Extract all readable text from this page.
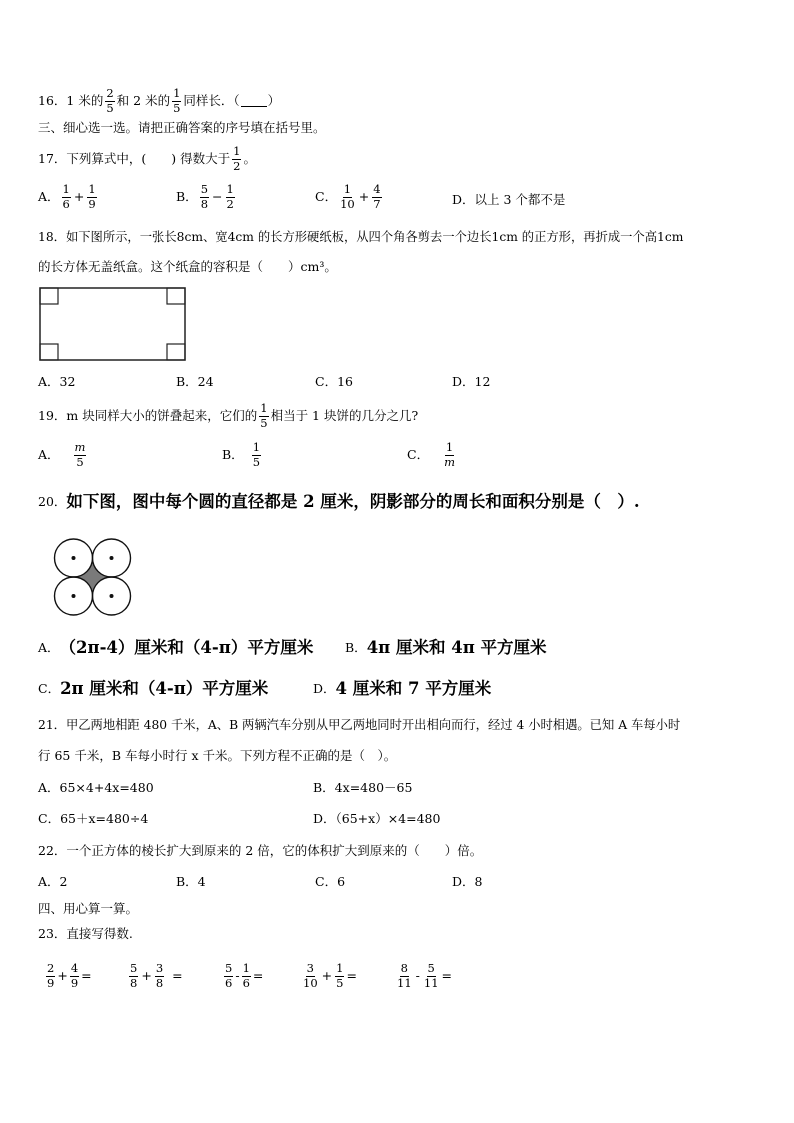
16． 1 米的 $\frac{2}{5}$ 和 2 米的 $\frac{1}{5}$ 同样长．（ ）
三、细心选一选。请把正确答案的序号填在括号里。
17．下列算式中，(　　) 得数大于 $\frac{1}{2}$ 。
A． $\frac{1}{6} + \frac{1}{9}$	B． $\frac{5}{8} - \frac{1}{2}$	C． $\frac{1}{10} + \frac{4}{7}$	D．以上 3 个都不是
18．如下图所示，一张长8cm、宽4cm 的长方形硬纸板，从四个角各剪去一个边长1cm 的正方形，再折成一个高1cm
的长方体无盖纸盒。这个纸盒的容积是（　　）cm³。
A．32	B．24	C．16	D．12
19．m 块同样大小的饼叠起来，它们的 $\frac{1}{5}$ 相当于 1 块饼的几分之几?
A． $\frac{m}{5}$	B． $\frac{1}{5}$	C． $\frac{1}{m}$
20． 如下图，图中每个圆的直径都是 2 厘米，阴影部分的周长和面积分别是（　）.
A． （2π-4）厘米和（4-π）平方厘米	B． 4π 厘米和 4π 平方厘米
C． 2π 厘米和（4-π）平方厘米	D． 4 厘米和 7 平方厘米
21．甲乙两地相距 480 千米，A、B 两辆汽车分别从甲乙两地同时开出相向而行，经过 4 小时相遇。已知 A 车每小时
行 65 千米，B 车每小时行 x 千米。下列方程不正确的是（　）。
A．65×4+4x=480	B．4x=480－65
C．65＋x=480÷4	D．（65+x）×4=480
22．一个正方体的棱长扩大到原来的 2 倍，它的体积扩大到原来的（　　）倍。
A．2	B．4	C．6	D．8
四、用心算一算。
23．直接写得数.
$\frac{2}{9} + \frac{4}{9}$ =	$\frac{5}{8} + \frac{3}{8}$ =	$\frac{5}{6} - \frac{1}{6}$ =	$\frac{3}{10} + \frac{1}{5}$ =	$\frac{8}{11} - \frac{5}{11}$ =
